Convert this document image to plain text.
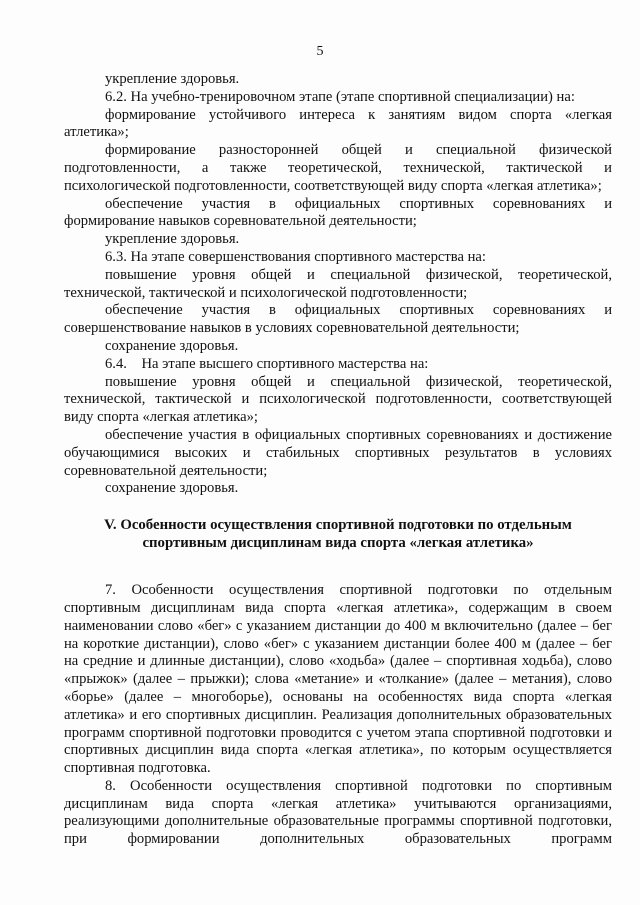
5

укрепление здоровья.

6.2. На учебно-тренировочном этапе (этапе спортивной специализации) на:

формирование устойчивого интереса к занятиям видом спорта «легкая атлетика»;

формирование разносторонней общей и специальной физической подготовленности, а также теоретической, технической, тактической и психологической подготовленности, соответствующей виду спорта «легкая атлетика»;

обеспечение участия в официальных спортивных соревнованиях и формирование навыков соревновательной деятельности;

укрепление здоровья.

6.3. На этапе совершенствования спортивного мастерства на:

повышение уровня общей и специальной физической, теоретической, технической, тактической и психологической подготовленности;

обеспечение участия в официальных спортивных соревнованиях и совершенствование навыков в условиях соревновательной деятельности;

сохранение здоровья.

6.4.    На этапе высшего спортивного мастерства на:

повышение уровня общей и специальной физической, теоретической, технической, тактической и психологической подготовленности, соответствующей виду спорта «легкая атлетика»;

обеспечение участия в официальных спортивных соревнованиях и достижение обучающимися высоких и стабильных спортивных результатов в условиях соревновательной деятельности;

сохранение здоровья.

V. Особенности осуществления спортивной подготовки по отдельным
спортивным дисциплинам вида спорта «легкая атлетика»

7. Особенности осуществления спортивной подготовки по отдельным спортивным дисциплинам вида спорта «легкая атлетика», содержащим в своем наименовании слово «бег» с указанием дистанции до 400 м включительно (далее – бег на короткие дистанции), слово «бег» с указанием дистанции более 400 м (далее – бег на средние и длинные дистанции), слово «ходьба» (далее – спортивная ходьба), слово «прыжок» (далее – прыжки); слова «метание» и «толкание» (далее – метания), слово «борье» (далее – многоборье), основаны на особенностях вида спорта «легкая атлетика» и его спортивных дисциплин. Реализация дополнительных образовательных программ спортивной подготовки проводится с учетом этапа спортивной подготовки и спортивных дисциплин вида спорта «легкая атлетика», по которым осуществляется спортивная подготовка.

8. Особенности осуществления спортивной подготовки по спортивным дисциплинам вида спорта «легкая атлетика» учитываются организациями, реализующими дополнительные образовательные программы спортивной подготовки, при формировании дополнительных образовательных программ
